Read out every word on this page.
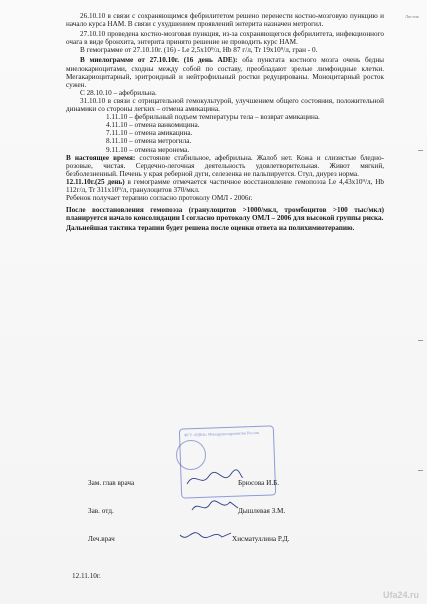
Листик

26.10.10 в связи с сохраняющимся фебрилитетом решено перенести костно-мозговую пункцию и начало курса НАМ. В связи с ухудшением проявлений энтерита назначен метрогил.

27.10.10 проведена костно-мозговая пункция, из-за сохраняющегося фебрилитета, инфекционного очага в виде бронхита, энтерита принято решение не проводить курс НАМ.

В гемограмме от 27.10.10г. (16) - Le 2,5x10⁹/л, Hb 87 г/л, Tr 19x10⁹/л, гран - 0.

В миелограмме от 27.10.10г. (16 день ADE): оба пунктата костного мозга очень бедны миелокариоцитами, сходны между собой по составу, преобладают зрелые лимфоидные клетки. Мегакариоцитарный, эритроидный и нейтрофильный ростки редуцированы. Моноцитарный росток сужен.

С 28.10.10 – афебрильна.

31.10.10 в связи с отрицательной гемокультурой, улучшением общего состояния, положительной динамики со стороны легких – отмена амикацина.

1.11.10 – фебрильный подъем температуры тела – возврат амикацина.

4.11.10 – отмена ванкомицина.

7.11.10 – отмена амикацина.

8.11.10 – отмена метрогила.

9.11.10 – отмена меронема.

В настоящее время: состояние стабильное, афебрильна. Жалоб нет. Кожа и слизистые бледно-розовые, чистая. Сердечно-легочная деятельность удовлетворительная. Живот мягкий, безболезненный. Печень у края реберной дуги, селезенка не пальпируется. Стул, диурез норма.

12.11.10г.(25 день) в гемограмме отмечается частичное восстановление гемопоэза Le 4,43x10⁹/л, Hb 112г/л, Tr 311x10⁹/л, гранулоцитов 370/мкл.

Ребенок получает терапию согласно протоколу ОМЛ - 2006г.

После восстановления гемопоэза (гранулоцитов >1000/мкл, тромбоцитов >100 тыс/мкл) планируется начало консолидации I согласно протоколу ОМЛ – 2006 для высокой группы риска.

Дальнейшая тактика терапии будет решена после оценки ответа на полихимиотерапию.

ФГУ «РДКБ» Минздравсоцразвития России
Зам. глав врача	Брюсова И.Б.
Зав. отд.	Дышлевая З.М.
Леч.врач	Хисматуллина Р.Д.
12.11.10г.
Ufa24.ru
